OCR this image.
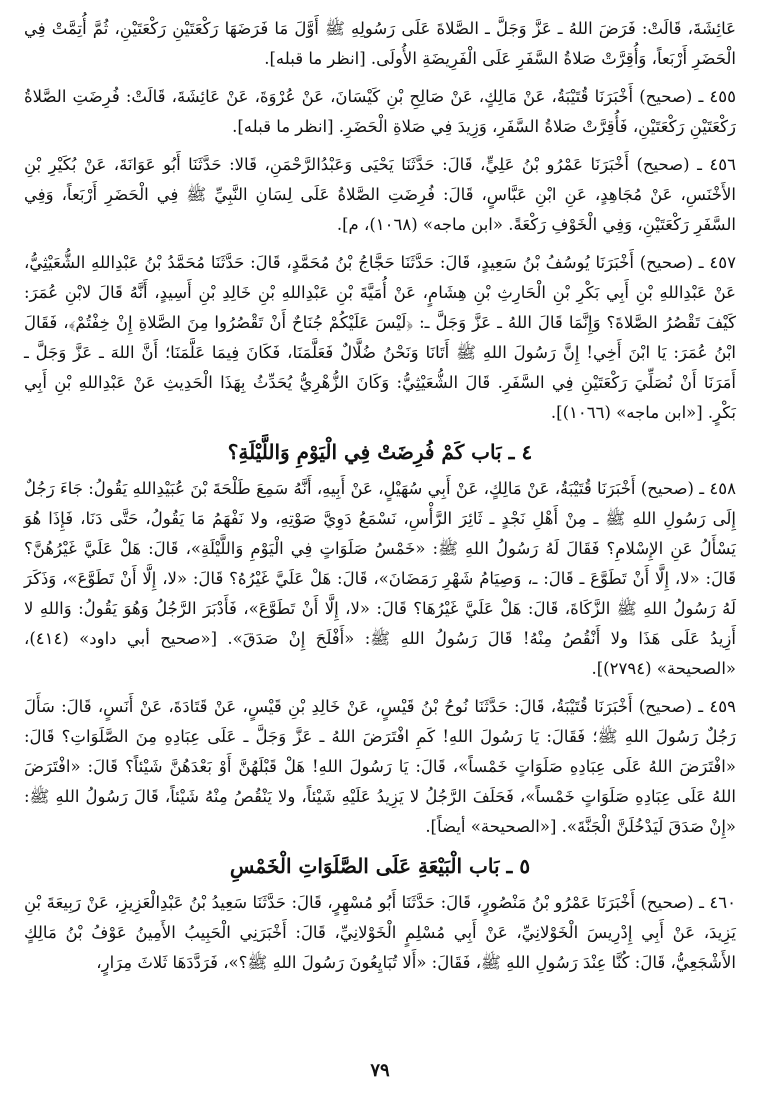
عَائِشَةَ، قَالَتْ: فَرَضَ اللهُ ـ عَزَّ وَجَلَّ ـ الصَّلاةَ عَلَى رَسُولِهِ ﷺ أَوَّلَ مَا فَرَضَهَا رَكْعَتَيْنِ رَكْعَتَيْنِ، ثُمَّ أُتِمَّتْ فِي الْحَضَرِ أَرْبَعاً، وَأُقِرَّتْ صَلاةُ السَّفَرِ عَلَى الْفَرِيضَةِ الأُولَى. [انظر ما قبله].

٤٥٥ ـ (صحيح) أَخْبَرَنَا قُتَيْبَةُ، عَنْ مَالِكٍ، عَنْ صَالِحِ بْنِ كَيْسَانَ، عَنْ عُرْوَةَ، عَنْ عَائِشَةَ، قَالَتْ: فُرِضَتِ الصَّلاةُ رَكْعَتَيْنِ رَكْعَتَيْنِ، فَأُقِرَّتْ صَلاةُ السَّفَرِ، وَزِيدَ فِي صَلاةِ الْحَضَرِ. [انظر ما قبله].

٤٥٦ ـ (صحيح) أَخْبَرَنَا عَمْرُو بْنُ عَلِيٍّ، قَالَ: حَدَّثَنَا يَحْيَى وَعَبْدُالرَّحْمَنِ، قَالا: حَدَّثَنَا أَبُو عَوَانَةَ، عَنْ بُكَيْرِ بْنِ الأَخْنَسِ، عَنْ مُجَاهِدٍ، عَنِ ابْنِ عَبَّاسٍ، قَالَ: فُرِضَتِ الصَّلاةُ عَلَى لِسَانِ النَّبِيِّ ﷺ فِي الْحَضَرِ أَرْبَعاً، وَفِي السَّفَرِ رَكْعَتَيْنِ، وَفِي الْخَوْفِ رَكْعَةً. «ابن ماجه» (١٠٦٨)، م].

٤٥٧ ـ (صحيح) أَخْبَرَنَا يُوسُفُ بْنُ سَعِيدٍ، قَالَ: حَدَّثَنَا حَجَّاجُ بْنُ مُحَمَّدٍ، قَالَ: حَدَّثَنَا مُحَمَّدُ بْنُ عَبْدِاللهِ الشُّعَيْثِيُّ، عَنْ عَبْدِاللهِ بْنِ أَبِي بَكْرِ بْنِ الْحَارِثِ بْنِ هِشَامٍ، عَنْ أُمَيَّةَ بْنِ عَبْدِاللهِ بْنِ خَالِدِ بْنِ أَسِيدٍ، أَنَّهُ قَالَ لابْنِ عُمَرَ: كَيْفَ تَقْصُرُ الصَّلاةَ؟ وَإِنَّمَا قَالَ اللهُ ـ عَزَّ وَجَلَّ ـ: ﴿لَيْسَ عَلَيْكُمْ جُنَاحٌ أَنْ تَقْصُرُوا مِنَ الصَّلاةِ إِنْ خِفْتُمْ﴾، فَقَالَ ابْنُ عُمَرَ: يَا ابْنَ أَخِي! إِنَّ رَسُولَ اللهِ ﷺ أَتَانَا وَنَحْنُ ضُلَّالٌ فَعَلَّمَنَا، فَكَانَ فِيمَا عَلَّمَنَا؛ أَنَّ اللهَ ـ عَزَّ وَجَلَّ ـ أَمَرَنَا أَنْ نُصَلِّيَ رَكْعَتَيْنِ فِي السَّفَرِ. قَالَ الشُّعَيْثِيُّ: وَكَانَ الزُّهْرِيُّ يُحَدِّثُ بِهَذَا الْحَدِيثِ عَنْ عَبْدِاللهِ بْنِ أَبِي بَكْرٍ. [«ابن ماجه» (١٠٦٦)].

٤ ـ بَاب كَمْ فُرِضَتْ فِي الْيَوْمِ وَاللَّيْلَةِ؟

٤٥٨ ـ (صحيح) أَخْبَرَنَا قُتَيْبَةُ، عَنْ مَالِكٍ، عَنْ أَبِي سُهَيْلٍ، عَنْ أَبِيهِ، أَنَّهُ سَمِعَ طَلْحَةَ بْنَ عُبَيْدِاللهِ يَقُولُ: جَاءَ رَجُلٌ إِلَى رَسُولِ اللهِ ﷺ ـ مِنْ أَهْلِ نَجْدٍ ـ ثَائِرَ الرَّأْسِ، نَسْمَعُ دَوِيَّ صَوْتِهِ، ولا نَفْهَمُ مَا يَقُولُ، حَتَّى دَنَا، فَإِذَا هُوَ يَسْأَلُ عَنِ الإِسْلامِ؟ فَقَالَ لَهُ رَسُولُ اللهِ ﷺ: «خَمْسُ صَلَوَاتٍ فِي الْيَوْمِ وَاللَّيْلَةِ»، قَالَ: هَلْ عَلَيَّ غَيْرُهُنَّ؟ قَالَ: «لا، إِلَّا أَنْ تَطَوَّعَ ـ قَالَ: ـ، وَصِيَامُ شَهْرِ رَمَضَانَ»، قَالَ: هَلْ عَلَيَّ غَيْرُهُ؟ قَالَ: «لا، إِلَّا أَنْ تَطَوَّعَ»، وَذَكَرَ لَهُ رَسُولُ اللهِ ﷺ الزَّكَاةَ، قَالَ: هَلْ عَلَيَّ غَيْرُهَا؟ قَالَ: «لا، إِلَّا أَنْ تَطَوَّعَ»، فَأَدْبَرَ الرَّجُلُ وَهُوَ يَقُولُ: وَاللهِ لا أَزِيدُ عَلَى هَذَا ولا أَنْقُصُ مِنْهُ! قَالَ رَسُولُ اللهِ ﷺ: «أَفْلَحَ إِنْ صَدَقَ». [«صحيح أبي داود» (٤١٤)، «الصحيحة» (٢٧٩٤)].

٤٥٩ ـ (صحيح) أَخْبَرَنَا قُتَيْبَةُ، قَالَ: حَدَّثَنَا نُوحُ بْنُ قَيْسٍ، عَنْ خَالِدِ بْنِ قَيْسٍ، عَنْ قَتَادَةَ، عَنْ أَنَسٍ، قَالَ: سَأَلَ رَجُلٌ رَسُولَ اللهِ ﷺ؛ فَقَالَ: يَا رَسُولَ اللهِ! كَمِ افْتَرَضَ اللهُ ـ عَزَّ وَجَلَّ ـ عَلَى عِبَادِهِ مِنَ الصَّلَوَاتِ؟ قَالَ: «افْتَرَضَ اللهُ عَلَى عِبَادِهِ صَلَوَاتٍ خَمْساً»، قَالَ: يَا رَسُولَ اللهِ! هَلْ قَبْلَهُنَّ أَوْ بَعْدَهُنَّ شَيْئاً؟ قَالَ: «افْتَرَضَ اللهُ عَلَى عِبَادِهِ صَلَوَاتٍ خَمْساً»، فَحَلَفَ الرَّجُلُ لا يَزِيدُ عَلَيْهِ شَيْئاً، ولا يَنْقُصُ مِنْهُ شَيْئاً، قَالَ رَسُولُ اللهِ ﷺ: «إِنْ صَدَقَ لَيَدْخُلَنَّ الْجَنَّةَ». [«الصحيحة» أيضاً].

٥ ـ بَاب الْبَيْعَةِ عَلَى الصَّلَوَاتِ الْخَمْسِ

٤٦٠ ـ (صحيح) أَخْبَرَنَا عَمْرُو بْنُ مَنْصُورٍ، قَالَ: حَدَّثَنَا أَبُو مُسْهِرٍ، قَالَ: حَدَّثَنَا سَعِيدُ بْنُ عَبْدِالْعَزِيزِ، عَنْ رَبِيعَةَ بْنِ يَزِيدَ، عَنْ أَبِي إِدْرِيسَ الْخَوْلانِيِّ، عَنْ أَبِي مُسْلِمٍ الْخَوْلانِيِّ، قَالَ: أَخْبَرَنِي الْحَبِيبُ الأَمِينُ عَوْفُ بْنُ مَالِكٍ الأَشْجَعِيُّ، قَالَ: كُنَّا عِنْدَ رَسُولِ اللهِ ﷺ، فَقَالَ: «أَلا تُبَايِعُونَ رَسُولَ اللهِ ﷺ؟»، فَرَدَّدَهَا ثَلاثَ مِرَارٍ،

٧٩
